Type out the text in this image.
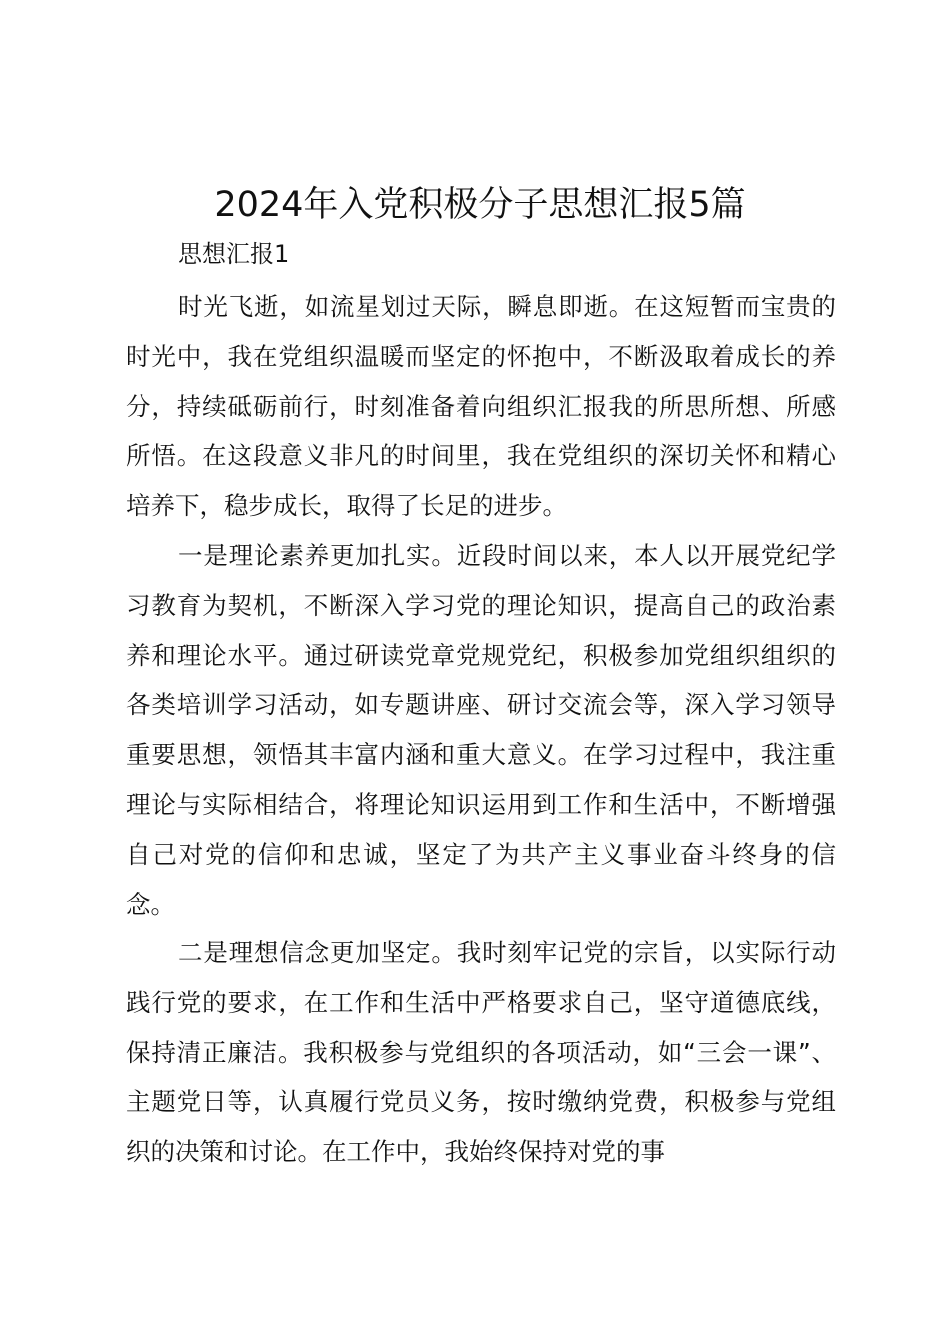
2024年入党积极分子思想汇报5篇

思想汇报1

时光飞逝，如流星划过天际，瞬息即逝。在这短暂而宝贵的时光中，我在党组织温暖而坚定的怀抱中，不断汲取着成长的养分，持续砥砺前行，时刻准备着向组织汇报我的所思所想、所感所悟。在这段意义非凡的时间里，我在党组织的深切关怀和精心培养下，稳步成长，取得了长足的进步。

一是理论素养更加扎实。近段时间以来，本人以开展党纪学习教育为契机，不断深入学习党的理论知识，提高自己的政治素养和理论水平。通过研读党章党规党纪，积极参加党组织组织的各类培训学习活动，如专题讲座、研讨交流会等，深入学习领导重要思想，领悟其丰富内涵和重大意义。在学习过程中，我注重理论与实际相结合，将理论知识运用到工作和生活中，不断增强自己对党的信仰和忠诚，坚定了为共产主义事业奋斗终身的信念。

二是理想信念更加坚定。我时刻牢记党的宗旨，以实际行动践行党的要求，在工作和生活中严格要求自己，坚守道德底线，保持清正廉洁。我积极参与党组织的各项活动，如“三会一课”、主题党日等，认真履行党员义务，按时缴纳党费，积极参与党组织的决策和讨论。在工作中，我始终保持对党的事
